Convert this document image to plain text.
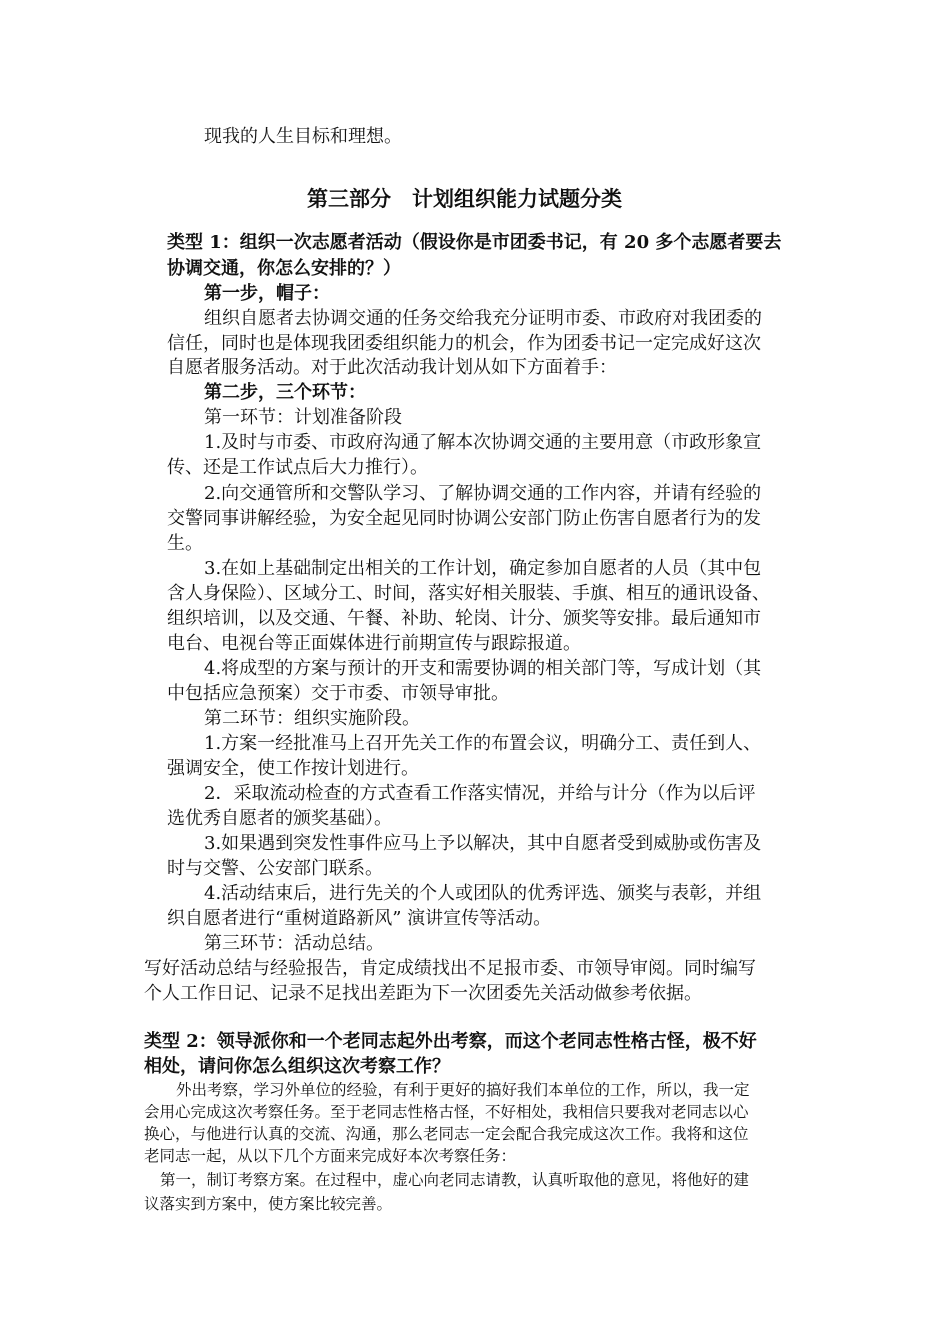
现我的人生目标和理想。
第三部分　计划组织能力试题分类
类型 1：组织一次志愿者活动（假设你是市团委书记，有 20 多个志愿者要去
协调交通，你怎么安排的？）
第一步，帽子：
组织自愿者去协调交通的任务交给我充分证明市委、市政府对我团委的
信任，同时也是体现我团委组织能力的机会，作为团委书记一定完成好这次
自愿者服务活动。对于此次活动我计划从如下方面着手：
第二步，三个环节：
第一环节：计划准备阶段
1.及时与市委、市政府沟通了解本次协调交通的主要用意（市政形象宣
传、还是工作试点后大力推行）。
2.向交通管所和交警队学习、了解协调交通的工作内容，并请有经验的
交警同事讲解经验，为安全起见同时协调公安部门防止伤害自愿者行为的发
生。
3.在如上基础制定出相关的工作计划，确定参加自愿者的人员（其中包
含人身保险）、区域分工、时间，落实好相关服装、手旗、相互的通讯设备、
组织培训，以及交通、午餐、补助、轮岗、计分、颁奖等安排。最后通知市
电台、电视台等正面媒体进行前期宣传与跟踪报道。
4.将成型的方案与预计的开支和需要协调的相关部门等，写成计划（其
中包括应急预案）交于市委、市领导审批。
第二环节：组织实施阶段。
1.方案一经批准马上召开先关工作的布置会议，明确分工、责任到人、
强调安全，使工作按计划进行。
2．采取流动检查的方式查看工作落实情况，并给与计分（作为以后评
选优秀自愿者的颁奖基础）。
3.如果遇到突发性事件应马上予以解决，其中自愿者受到威胁或伤害及
时与交警、公安部门联系。
4.活动结束后，进行先关的个人或团队的优秀评选、颁奖与表彰，并组
织自愿者进行“重树道路新风” 演讲宣传等活动。
第三环节：活动总结。
写好活动总结与经验报告，肯定成绩找出不足报市委、市领导审阅。同时编写
个人工作日记、记录不足找出差距为下一次团委先关活动做参考依据。
类型 2：领导派你和一个老同志起外出考察，而这个老同志性格古怪，极不好
相处，请问你怎么组织这次考察工作？
外出考察，学习外单位的经验，有利于更好的搞好我们本单位的工作，所以，我一定
会用心完成这次考察任务。至于老同志性格古怪，不好相处，我相信只要我对老同志以心
换心，与他进行认真的交流、沟通，那么老同志一定会配合我完成这次工作。我将和这位
老同志一起，从以下几个方面来完成好本次考察任务：
第一，制订考察方案。在过程中，虚心向老同志请教，认真听取他的意见，将他好的建
议落实到方案中，使方案比较完善。
